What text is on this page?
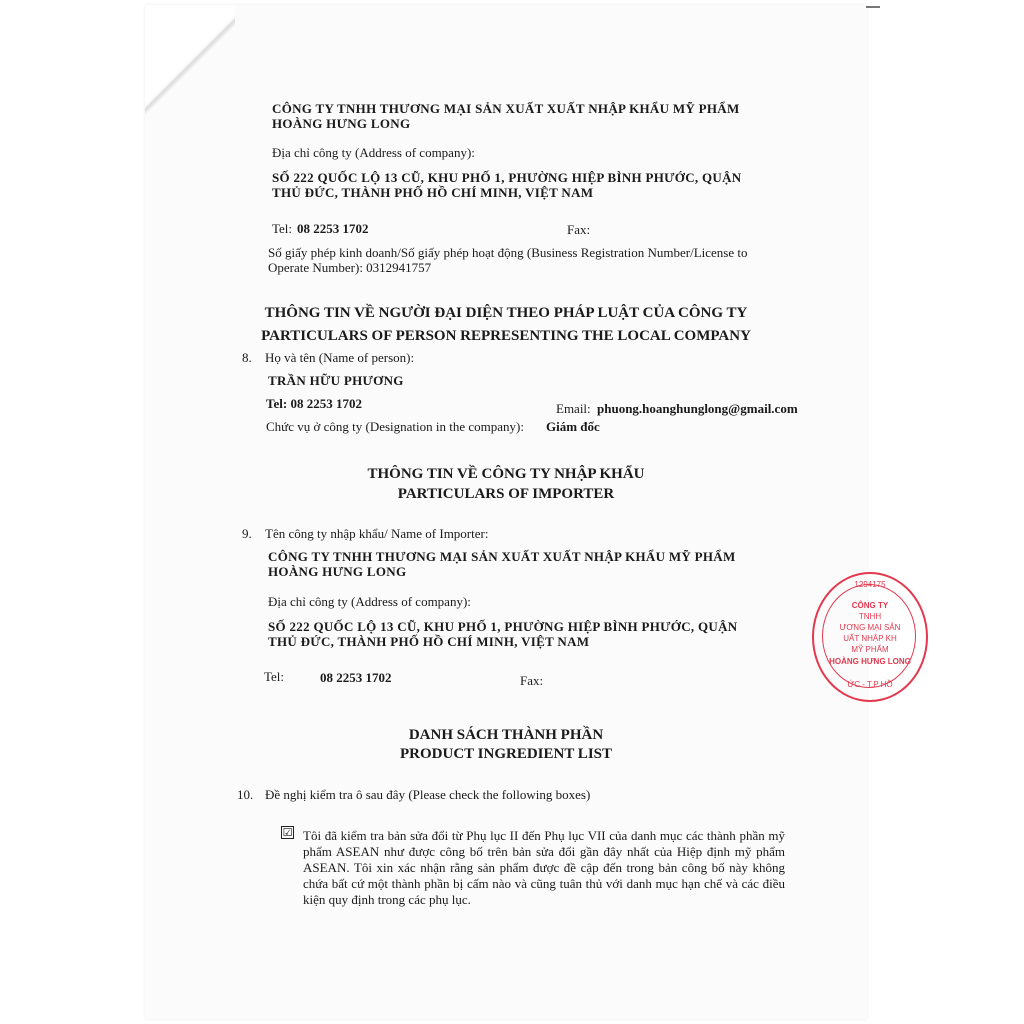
CÔNG TY TNHH THƯƠNG MẠI SẢN XUẤT XUẤT NHẬP KHẨU MỸ PHẨM
HOÀNG HƯNG LONG
Địa chỉ công ty (Address of company):
SỐ 222 QUỐC LỘ 13 CŨ, KHU PHỐ 1, PHƯỜNG HIỆP BÌNH PHƯỚC, QUẬN
THỦ ĐỨC, THÀNH PHỐ HỒ CHÍ MINH, VIỆT NAM
Tel: 08 2253 1702	Fax:
Số giấy phép kinh doanh/Số giấy phép hoạt động (Business Registration Number/License to
Operate Number): 0312941757
THÔNG TIN VỀ NGƯỜI ĐẠI DIỆN THEO PHÁP LUẬT CỦA CÔNG TY
PARTICULARS OF PERSON REPRESENTING THE LOCAL COMPANY
8. Họ và tên (Name of person):
TRẦN HỮU PHƯƠNG
Tel: 08 2253 1702	Email: phuong.hoanghunglong@gmail.com
Chức vụ ở công ty (Designation in the company): Giám đốc
THÔNG TIN VỀ CÔNG TY NHẬP KHẨU
PARTICULARS OF IMPORTER
9. Tên công ty nhập khẩu/ Name of Importer:
CÔNG TY TNHH THƯƠNG MẠI SẢN XUẤT XUẤT NHẬP KHẨU MỸ PHẨM
HOÀNG HƯNG LONG
Địa chỉ công ty (Address of company):
SỐ 222 QUỐC LỘ 13 CŨ, KHU PHỐ 1, PHƯỜNG HIỆP BÌNH PHƯỚC, QUẬN
THỦ ĐỨC, THÀNH PHỐ HỒ CHÍ MINH, VIỆT NAM
Tel:	08 2253 1702	Fax:
DANH SÁCH THÀNH PHẦN
PRODUCT INGREDIENT LIST
10. Đề nghị kiểm tra ô sau đây (Please check the following boxes)
☑ Tôi đã kiểm tra bản sửa đổi từ Phụ lục II đến Phụ lục VII của danh mục các thành phần mỹ phẩm ASEAN như được công bố trên bản sửa đổi gần đây nhất của Hiệp định mỹ phẩm ASEAN. Tôi xin xác nhận rằng sản phẩm được đề cập đến trong bản công bố này không chứa bất cứ một thành phần bị cấm nào và cũng tuân thủ với danh mục hạn chế và các điều kiện quy định trong các phụ lục.
1294175
CÔNG TY
TNHH
ƯƠNG MẠI SẢN
UẤT NHẬP KH
MỸ PHẨM
HOÀNG HƯNG LONG
ỨC - T.P HỒ
